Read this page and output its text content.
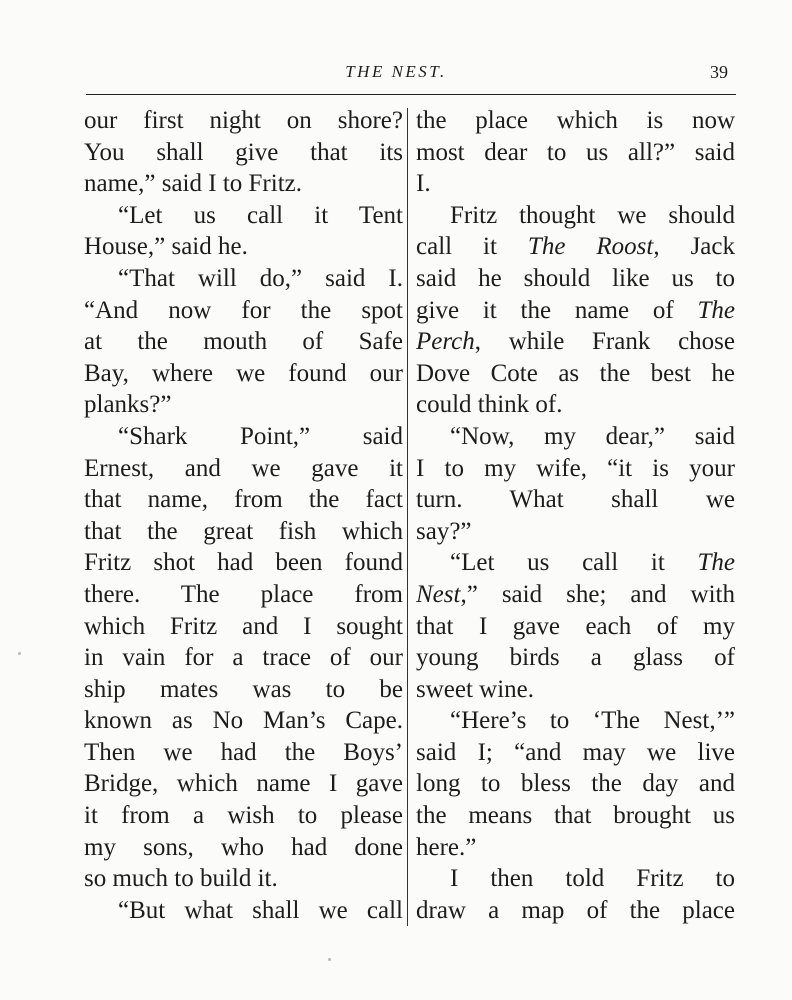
THE NEST.	39
our first night on shore?
You shall give that its
name,” said I to Fritz.
“Let us call it Tent
House,” said he.
“That will do,” said I.
“And now for the spot
at the mouth of Safe
Bay, where we found our
planks?”
“Shark Point,” said
Ernest, and we gave it
that name, from the fact
that the great fish which
Fritz shot had been found
there. The place from
which Fritz and I sought
in vain for a trace of our
ship mates was to be
known as No Man’s Cape.
Then we had the Boys’
Bridge, which name I gave
it from a wish to please
my sons, who had done
so much to build it.
“But what shall we call
the place which is now
most dear to us all?” said
I.
Fritz thought we should
call it The Roost, Jack
said he should like us to
give it the name of The
Perch, while Frank chose
Dove Cote as the best he
could think of.
“Now, my dear,” said
I to my wife, “it is your
turn. What shall we
say?”
“Let us call it The
Nest,” said she; and with
that I gave each of my
young birds a glass of
sweet wine.
“Here’s to ‘The Nest,’”
said I; “and may we live
long to bless the day and
the means that brought us
here.”
I then told Fritz to
draw a map of the place
